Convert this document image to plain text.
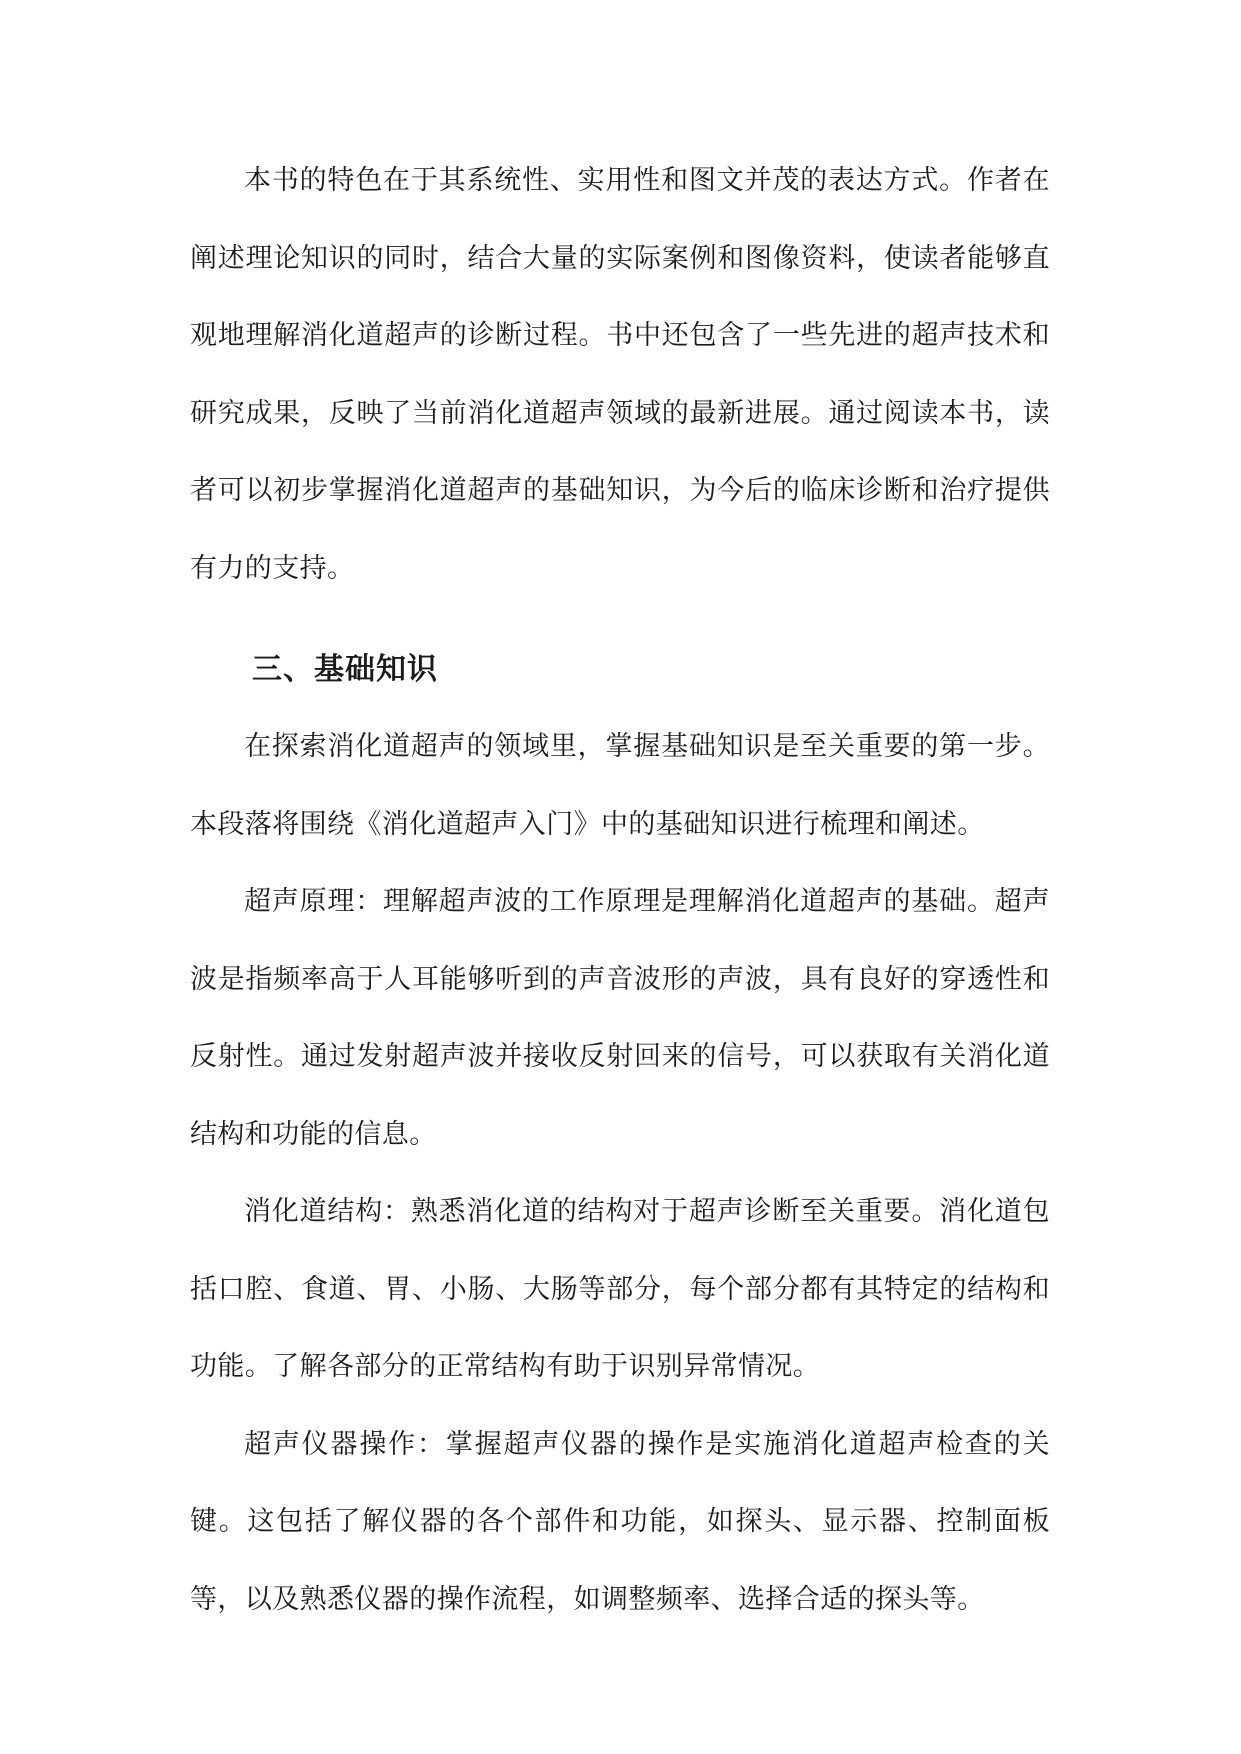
本书的特色在于其系统性、实用性和图文并茂的表达方式。作者在阐述理论知识的同时，结合大量的实际案例和图像资料，使读者能够直观地理解消化道超声的诊断过程。书中还包含了一些先进的超声技术和研究成果，反映了当前消化道超声领域的最新进展。通过阅读本书，读者可以初步掌握消化道超声的基础知识，为今后的临床诊断和治疗提供有力的支持。

三、基础知识

在探索消化道超声的领域里，掌握基础知识是至关重要的第一步。本段落将围绕《消化道超声入门》中的基础知识进行梳理和阐述。

超声原理：理解超声波的工作原理是理解消化道超声的基础。超声波是指频率高于人耳能够听到的声音波形的声波，具有良好的穿透性和反射性。通过发射超声波并接收反射回来的信号，可以获取有关消化道结构和功能的信息。

消化道结构：熟悉消化道的结构对于超声诊断至关重要。消化道包括口腔、食道、胃、小肠、大肠等部分，每个部分都有其特定的结构和功能。了解各部分的正常结构有助于识别异常情况。

超声仪器操作：掌握超声仪器的操作是实施消化道超声检查的关键。这包括了解仪器的各个部件和功能，如探头、显示器、控制面板等，以及熟悉仪器的操作流程，如调整频率、选择合适的探头等。
